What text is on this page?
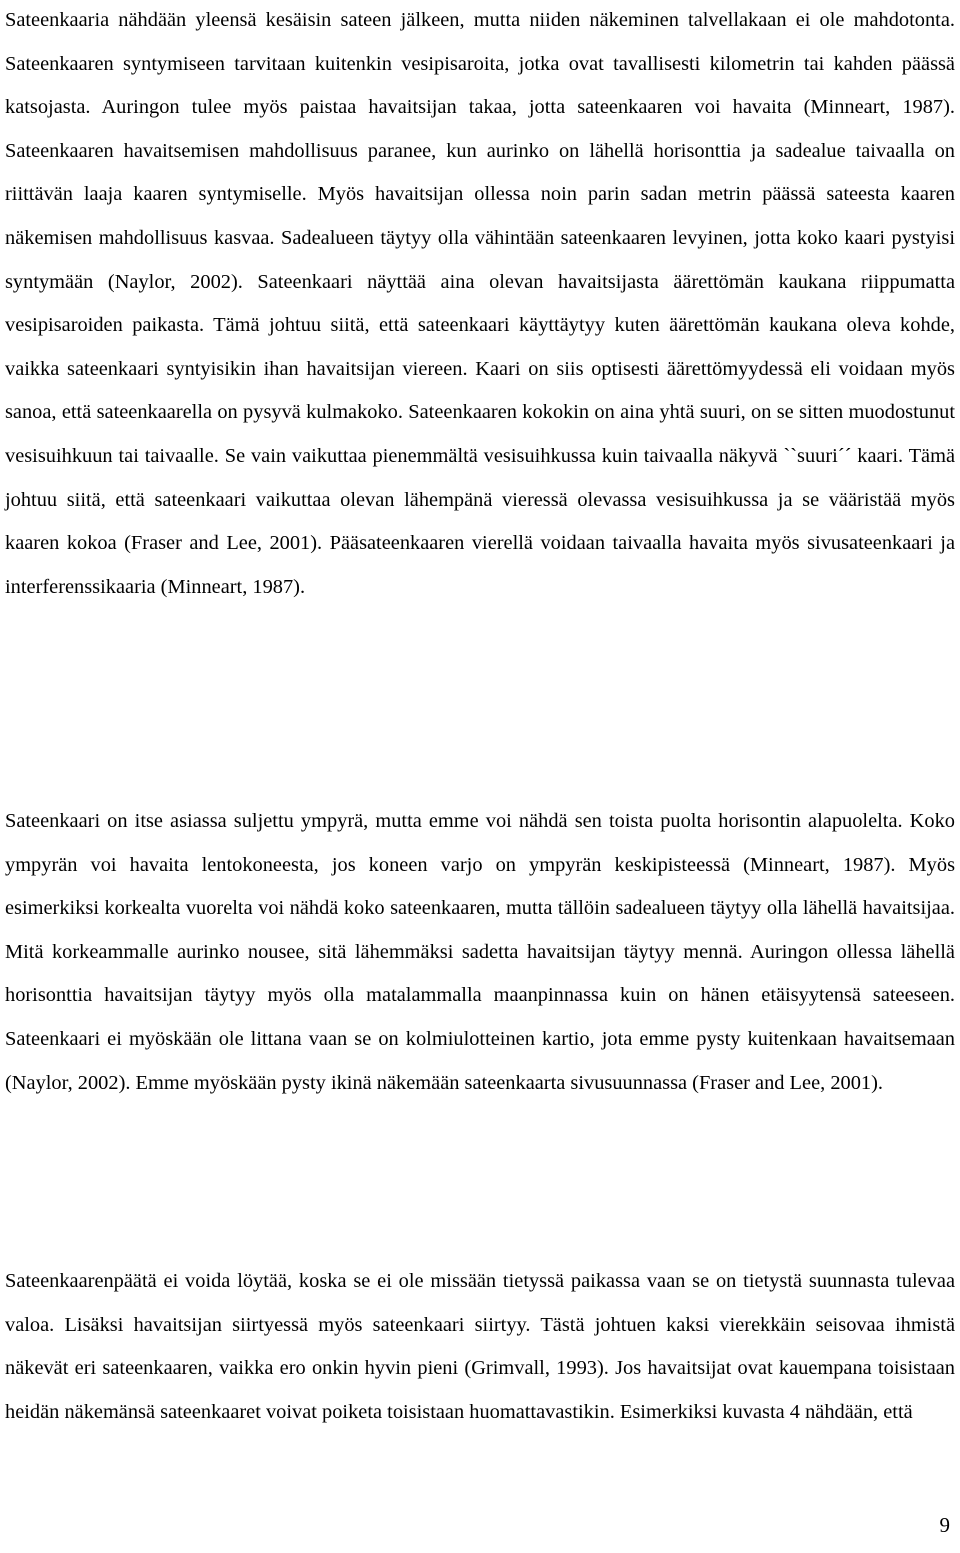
Sateenkaaria nähdään yleensä kesäisin sateen jälkeen, mutta niiden näkeminen talvellakaan ei ole mahdotonta. Sateenkaaren syntymiseen tarvitaan kuitenkin vesipisaroita, jotka ovat tavallisesti kilometrin tai kahden päässä katsojasta. Auringon tulee myös paistaa havaitsijan takaa, jotta sateenkaaren voi havaita (Minneart, 1987). Sateenkaaren havaitsemisen mahdollisuus paranee, kun aurinko on lähellä horisonttia ja sadealue taivaalla on riittävän laaja kaaren syntymiselle. Myös havaitsijan ollessa noin parin sadan metrin päässä sateesta kaaren näkemisen mahdollisuus kasvaa. Sadealueen täytyy olla vähintään sateenkaaren levyinen, jotta koko kaari pystyisi syntymään (Naylor, 2002). Sateenkaari näyttää aina olevan havaitsijasta äärettömän kaukana riippumatta vesipisaroiden paikasta. Tämä johtuu siitä, että sateenkaari käyttäytyy kuten äärettömän kaukana oleva kohde, vaikka sateenkaari syntyisikin ihan havaitsijan viereen. Kaari on siis optisesti äärettömyydessä eli voidaan myös sanoa, että sateenkaarella on pysyvä kulmakoko. Sateenkaaren kokokin on aina yhtä suuri, on se sitten muodostunut vesisuihkuun tai taivaalle. Se vain vaikuttaa pienemmältä vesisuihkussa kuin taivaalla näkyvä ``suuri´´ kaari. Tämä johtuu siitä, että sateenkaari vaikuttaa olevan lähempänä vieressä olevassa vesisuihkussa ja se vääristää myös kaaren kokoa (Fraser and Lee, 2001). Pääsateenkaaren vierellä voidaan taivaalla havaita myös sivusateenkaari ja interferenssikaaria (Minneart, 1987).

Sateenkaari on itse asiassa suljettu ympyrä, mutta emme voi nähdä sen toista puolta horisontin alapuolelta. Koko ympyrän voi havaita lentokoneesta, jos koneen varjo on ympyrän keskipisteessä (Minneart, 1987). Myös esimerkiksi korkealta vuorelta voi nähdä koko sateenkaaren, mutta tällöin sadealueen täytyy olla lähellä havaitsijaa. Mitä korkeammalle aurinko nousee, sitä lähemmäksi sadetta havaitsijan täytyy mennä. Auringon ollessa lähellä horisonttia havaitsijan täytyy myös olla matalammalla maanpinnassa kuin on hänen etäisyytensä sateeseen. Sateenkaari ei myöskään ole littana vaan se on kolmiulotteinen kartio, jota emme pysty kuitenkaan havaitsemaan (Naylor, 2002). Emme myöskään pysty ikinä näkemään sateenkaarta sivusuunnassa (Fraser and Lee, 2001).

Sateenkaarenpäätä ei voida löytää, koska se ei ole missään tietyssä paikassa vaan se on tietystä suunnasta tulevaa valoa. Lisäksi havaitsijan siirtyessä myös sateenkaari siirtyy. Tästä johtuen kaksi vierekkäin seisovaa ihmistä näkevät eri sateenkaaren, vaikka ero onkin hyvin pieni (Grimvall, 1993). Jos havaitsijat ovat kauempana toisistaan heidän näkemänsä sateenkaaret voivat poiketa toisistaan huomattavastikin. Esimerkiksi kuvasta 4 nähdään, että

9
